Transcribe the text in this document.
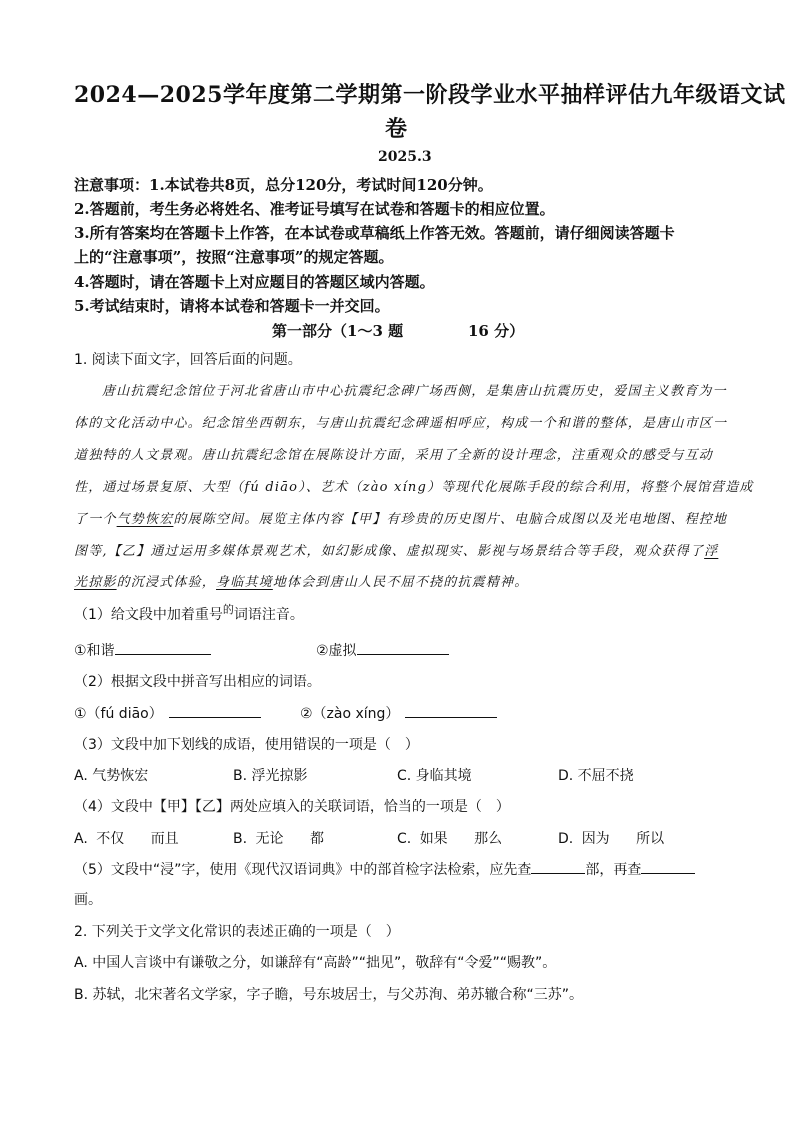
2024—2025学年度第二学期第一阶段学业水平抽样评估九年级语文试
卷
2025.3
注意事项：1.本试卷共8页，总分120分，考试时间120分钟。
2.答题前，考生务必将姓名、准考证号填写在试卷和答题卡的相应位置。
3.所有答案均在答题卡上作答，在本试卷或草稿纸上作答无效。答题前，请仔细阅读答题卡
上的“注意事项”，按照“注意事项”的规定答题。
4.答题时，请在答题卡上对应题目的答题区域内答题。
5.考试结束时，请将本试卷和答题卡一并交回。
第一部分（1～3 题	16 分）
1. 阅读下面文字，回答后面的问题。
唐山抗震纪念馆位于河北省唐山市中心抗震纪念碑广场西侧，是集唐山抗震历史，爱国主义教育为一
体的文化活动中心。纪念馆坐西朝东，与唐山抗震纪念碑遥相呼应，构成一个和谐的整体，是唐山市区一
道独特的人文景观。唐山抗震纪念馆在展陈设计方面，采用了全新的设计理念，注重观众的感受与互动
性，通过场景复原、大型（fú diāo）、艺术（zào xíng）等现代化展陈手段的综合利用，将整个展馆营造成
了一个气势恢宏的展陈空间。展览主体内容【甲】有珍贵的历史图片、电脑合成图以及光电地图、程控地
图等,【乙】通过运用多媒体景观艺术，如幻影成像、虚拟现实、影视与场景结合等手段，观众获得了浮
光掠影的沉浸式体验，身临其境地体会到唐山人民不屈不挠的抗震精神。
（1）给文段中加着重号$^的$词语注音。
①和谐	②虚拟
（2）根据文段中拼音写出相应的词语。
①（fú diāo）	②（zào xíng）
（3）文段中加下划线的成语，使用错误的一项是（　）
A. 气势恢宏	B. 浮光掠影	C. 身临其境	D. 不屈不挠
（4）文段中【甲】【乙】两处应填入的关联词语，恰当的一项是（　）
A. 不仅 而且	B. 无论 都	C. 如果 那么	D. 因为 所以
（5）文段中“浸”字，使用《现代汉语词典》中的部首检字法检索，应先查	部，再查
画。
2. 下列关于文学文化常识的表述正确的一项是（　）
A. 中国人言谈中有谦敬之分，如谦辞有“高龄”“拙见”，敬辞有“令爱”“赐教”。
B. 苏轼，北宋著名文学家，字子瞻，号东坡居士，与父苏洵、弟苏辙合称“三苏”。
